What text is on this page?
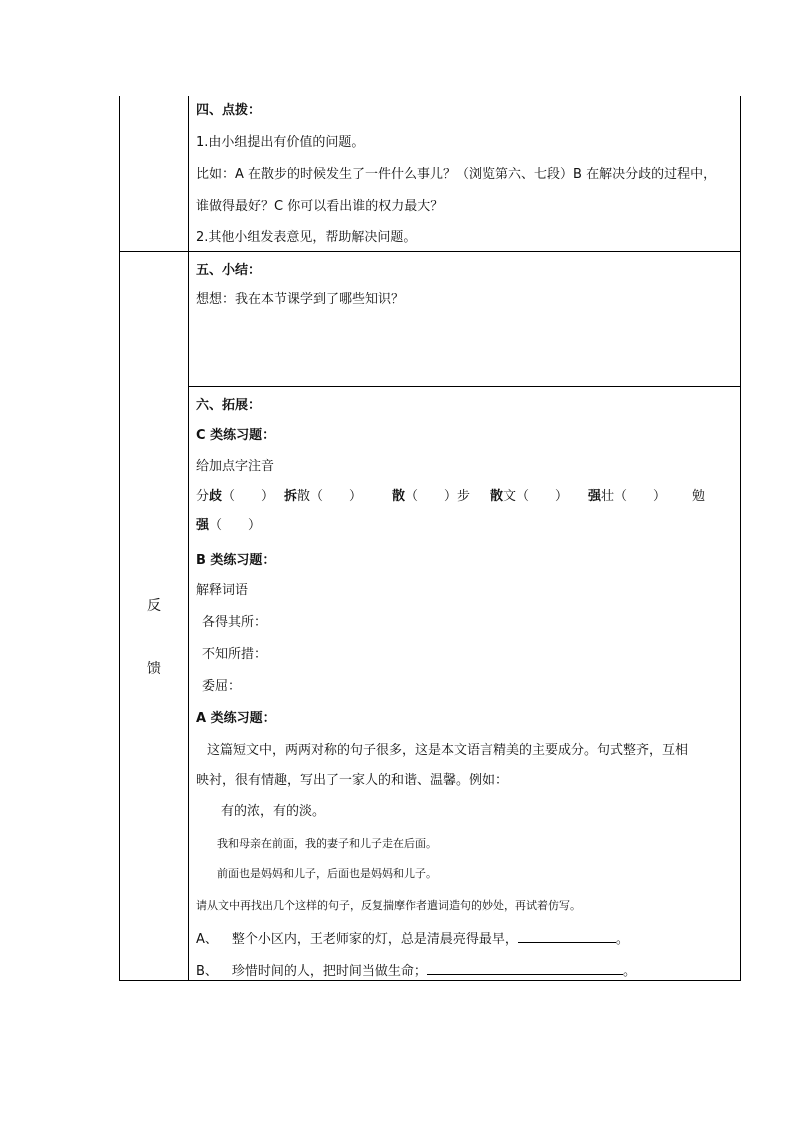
反
馈
四、点拨：
1.由小组提出有价值的问题。
比如：A 在散步的时候发生了一件什么事儿？（浏览第六、七段）B 在解决分歧的过程中，
谁做得最好？C 你可以看出谁的权力最大？
2.其他小组发表意见，帮助解决问题。
五、小结：
想想：我在本节课学到了哪些知识？
六、拓展：
C 类练习题：
给加点字注音
分歧（　　） 拆散（　　） 散（　　）步 散文（　　） 强壮（　　） 勉
强（　　）
B 类练习题：
解释词语
各得其所：
不知所措：
委屈：
A 类练习题：
这篇短文中，两两对称的句子很多，这是本文语言精美的主要成分。句式整齐，互相
映衬，很有情趣，写出了一家人的和谐、温馨。例如：
有的浓，有的淡。
我和母亲在前面，我的妻子和儿子走在后面。
前面也是妈妈和儿子，后面也是妈妈和儿子。
请从文中再找出几个这样的句子，反复揣摩作者遣词造句的妙处，再试着仿写。
A、 整个小区内，王老师家的灯，总是清晨亮得最早，	。
B、 珍惜时间的人，把时间当做生命；	。
